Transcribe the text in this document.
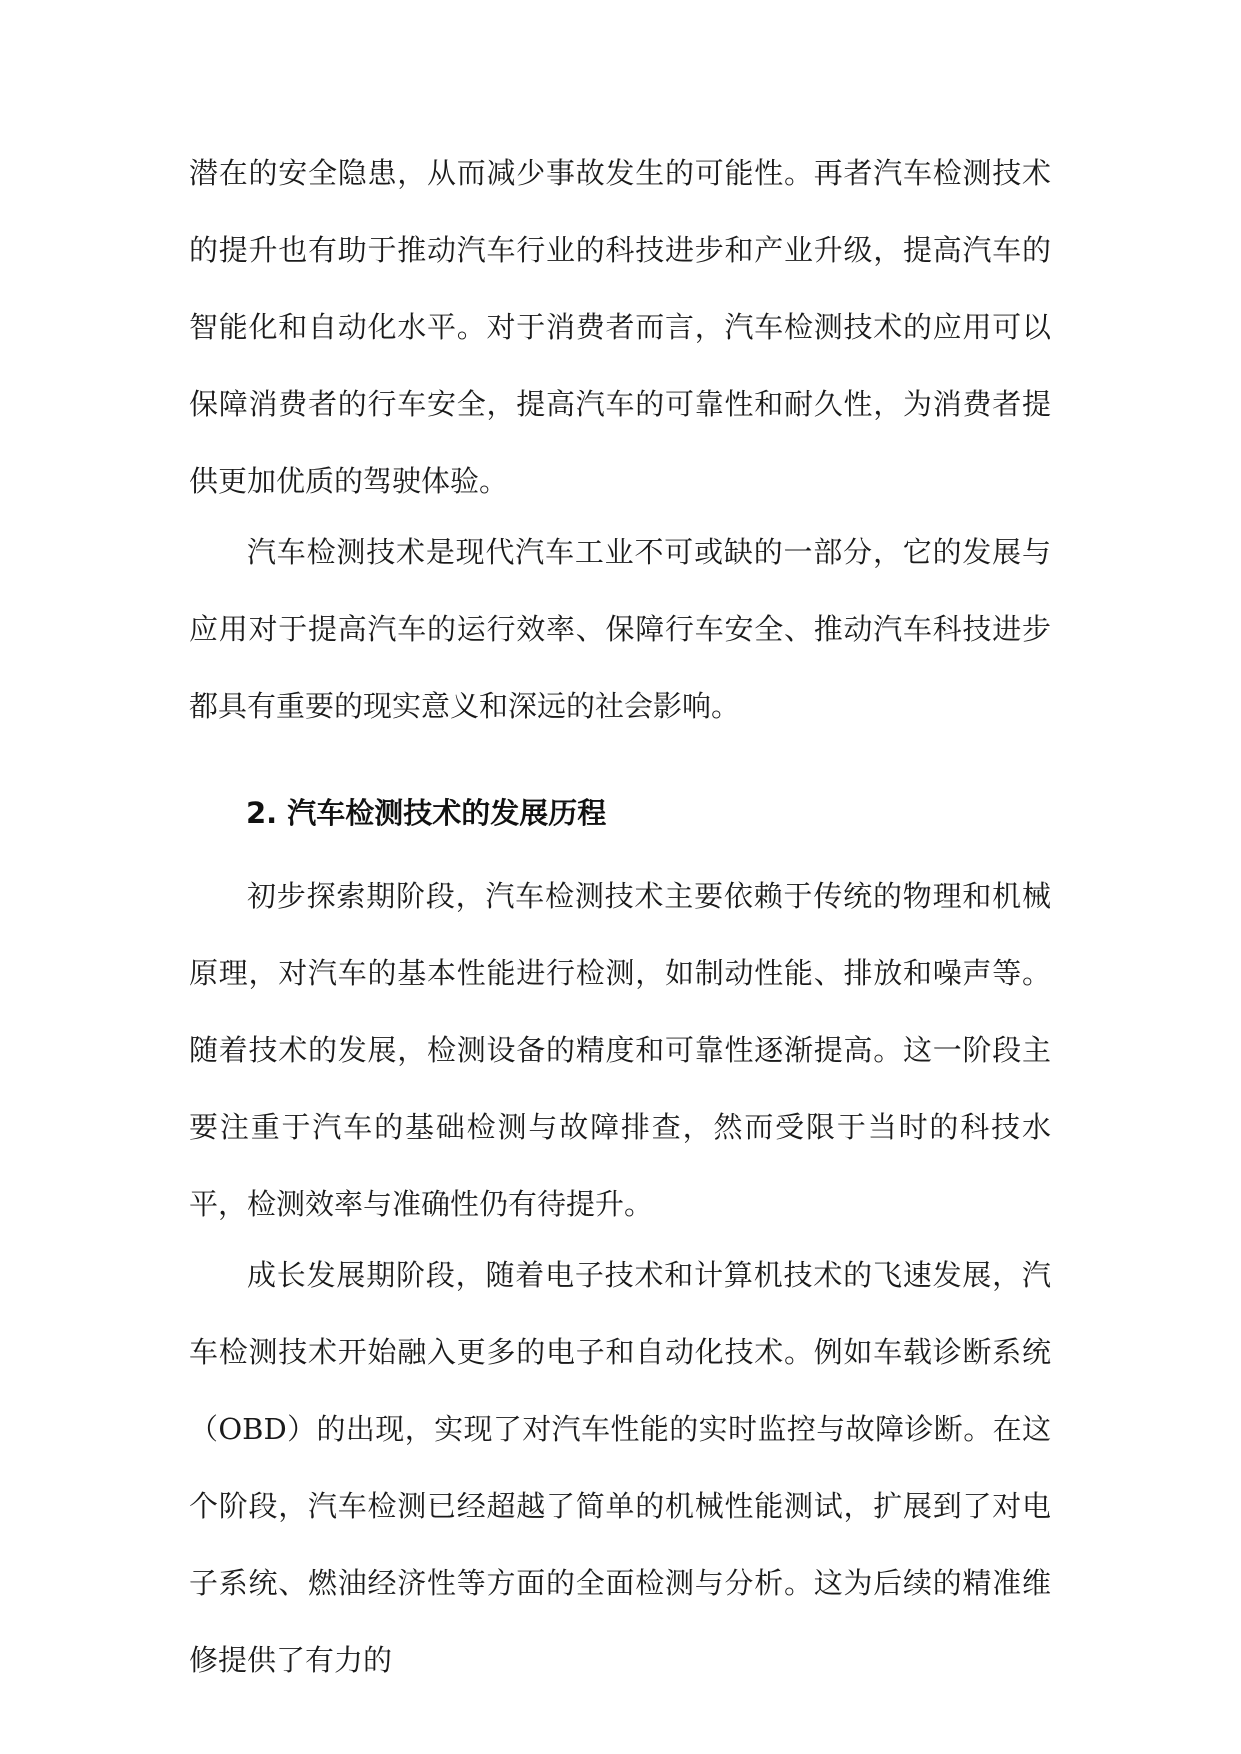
潜在的安全隐患，从而减少事故发生的可能性。再者汽车检测技术的提升也有助于推动汽车行业的科技进步和产业升级，提高汽车的智能化和自动化水平。对于消费者而言，汽车检测技术的应用可以保障消费者的行车安全，提高汽车的可靠性和耐久性，为消费者提供更加优质的驾驶体验。

汽车检测技术是现代汽车工业不可或缺的一部分，它的发展与应用对于提高汽车的运行效率、保障行车安全、推动汽车科技进步都具有重要的现实意义和深远的社会影响。

2. 汽车检测技术的发展历程

初步探索期阶段，汽车检测技术主要依赖于传统的物理和机械原理，对汽车的基本性能进行检测，如制动性能、排放和噪声等。随着技术的发展，检测设备的精度和可靠性逐渐提高。这一阶段主要注重于汽车的基础检测与故障排查，然而受限于当时的科技水平，检测效率与准确性仍有待提升。

成长发展期阶段，随着电子技术和计算机技术的飞速发展，汽车检测技术开始融入更多的电子和自动化技术。例如车载诊断系统（OBD）的出现，实现了对汽车性能的实时监控与故障诊断。在这个阶段，汽车检测已经超越了简单的机械性能测试，扩展到了对电子系统、燃油经济性等方面的全面检测与分析。这为后续的精准维修提供了有力的
